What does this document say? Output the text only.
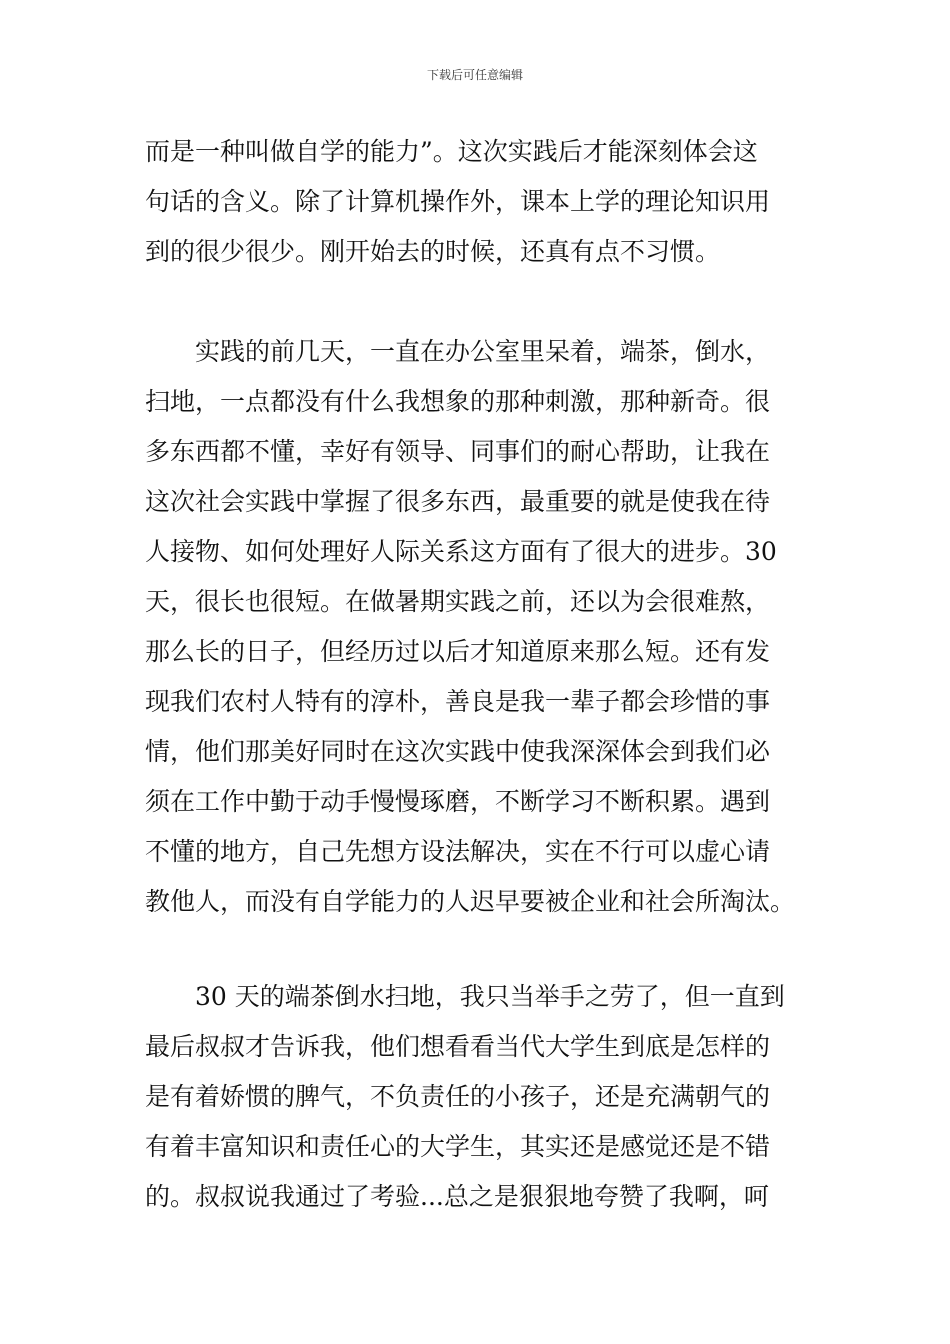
下载后可任意编辑
而是一种叫做自学的能力”。这次实践后才能深刻体会这
句话的含义。除了计算机操作外，课本上学的理论知识用
到的很少很少。刚开始去的时候，还真有点不习惯。
　　实践的前几天，一直在办公室里呆着，端茶，倒水，
扫地，一点都没有什么我想象的那种刺激，那种新奇。很
多东西都不懂，幸好有领导、同事们的耐心帮助，让我在
这次社会实践中掌握了很多东西，最重要的就是使我在待
人接物、如何处理好人际关系这方面有了很大的进步。30
天，很长也很短。在做暑期实践之前，还以为会很难熬，
那么长的日子，但经历过以后才知道原来那么短。还有发
现我们农村人特有的淳朴，善良是我一辈子都会珍惜的事
情，他们那美好同时在这次实践中使我深深体会到我们必
须在工作中勤于动手慢慢琢磨，不断学习不断积累。遇到
不懂的地方，自己先想方设法解决，实在不行可以虚心请
教他人，而没有自学能力的人迟早要被企业和社会所淘汰。
　　30 天的端茶倒水扫地，我只当举手之劳了，但一直到
最后叔叔才告诉我，他们想看看当代大学生到底是怎样的
是有着娇惯的脾气，不负责任的小孩子，还是充满朝气的
有着丰富知识和责任心的大学生，其实还是感觉还是不错
的。叔叔说我通过了考验...总之是狠狠地夸赞了我啊，呵
